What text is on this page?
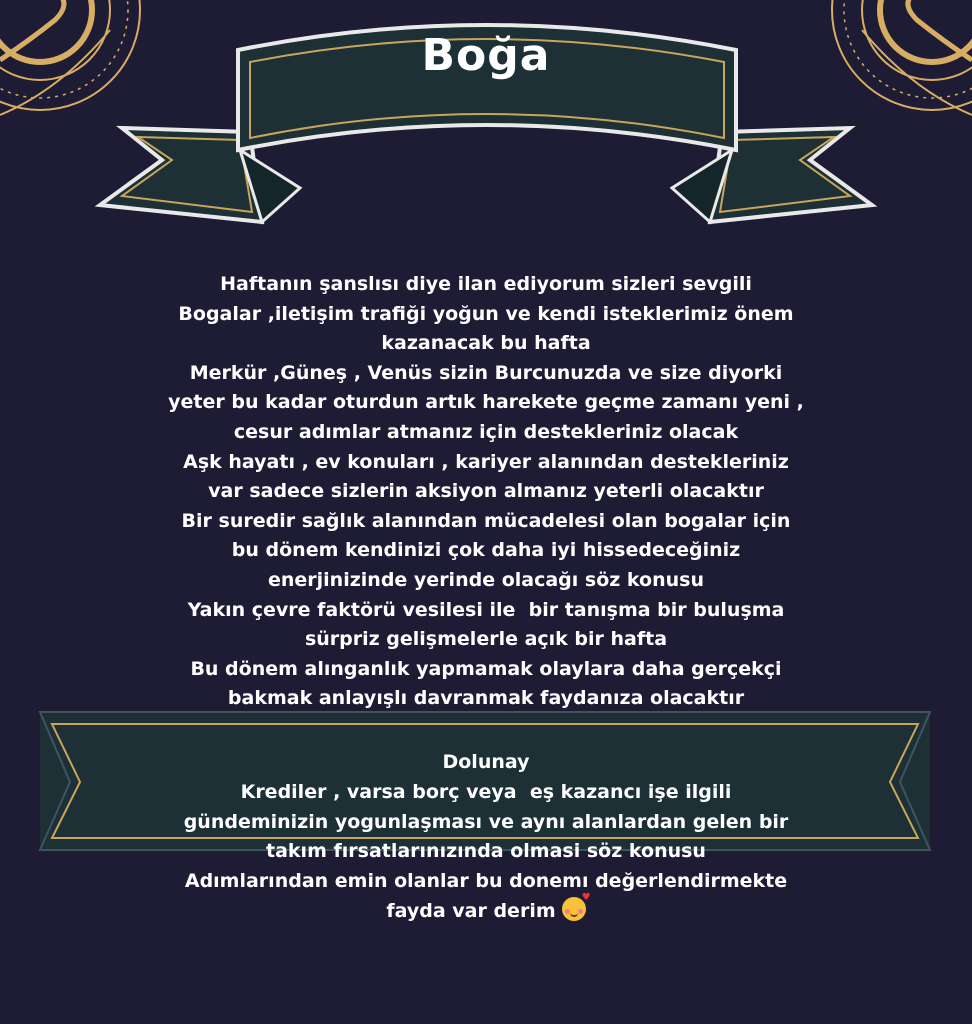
Boğa
Haftanın şanslısı diye ilan ediyorum sizleri sevgili
Bogalar ,iletişim trafiği yoğun ve kendi isteklerimiz önem
kazanacak bu hafta
Merkür ,Güneş , Venüs sizin Burcunuzda ve size diyorki
yeter bu kadar oturdun artık harekete geçme zamanı yeni ,
cesur adımlar atmanız için destekleriniz olacak
Aşk hayatı , ev konuları , kariyer alanından destekleriniz
var sadece sizlerin aksiyon almanız yeterli olacaktır
Bir suredir sağlık alanından mücadelesi olan bogalar için
bu dönem kendinizi çok daha iyi hissedeceğiniz
enerjinizinde yerinde olacağı söz konusu
Yakın çevre faktörü vesilesi ile  bir tanışma bir buluşma
sürpriz gelişmelerle açık bir hafta
Bu dönem alınganlık yapmamak olaylara daha gerçekçi
bakmak anlayışlı davranmak faydanıza olacaktır
Dolunay
Krediler , varsa borç veya  eş kazancı işe ilgili
gündeminizin yogunlaşması ve aynı alanlardan gelen bir
takım fırsatlarınızında olmasi söz konusu
Adımlarından emin olanlar bu donemı değerlendirmekte
fayda var derim
♥
